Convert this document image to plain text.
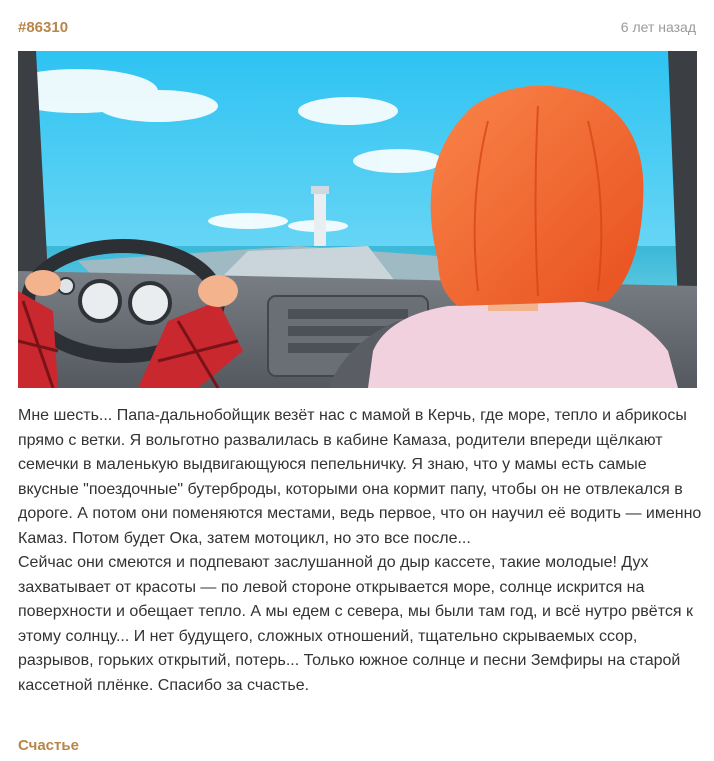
#86310	6 лет назад

Мне шесть... Папа-дальнобойщик везёт нас с мамой в Керчь, где море, тепло и абрикосы прямо с ветки. Я вольготно развалилась в кабине Камаза, родители впереди щёлкают семечки в маленькую выдвигающуюся пепельничку. Я знаю, что у мамы есть самые вкусные "поездочные" бутерброды, которыми она кормит папу, чтобы он не отвлекался в дороге. А потом они поменяются местами, ведь первое, что он научил её водить — именно Камаз. Потом будет Ока, затем мотоцикл, но это все после...

Сейчас они смеются и подпевают заслушанной до дыр кассете, такие молодые! Дух захватывает от красоты — по левой стороне открывается море, солнце искрится на поверхности и обещает тепло. А мы едем с севера, мы были там год, и всё нутро рвётся к этому солнцу... И нет будущего, сложных отношений, тщательно скрываемых ссор, разрывов, горьких открытий, потерь... Только южное солнце и песни Земфиры на старой кассетной плёнке. Спасибо за счастье.

Счастье
